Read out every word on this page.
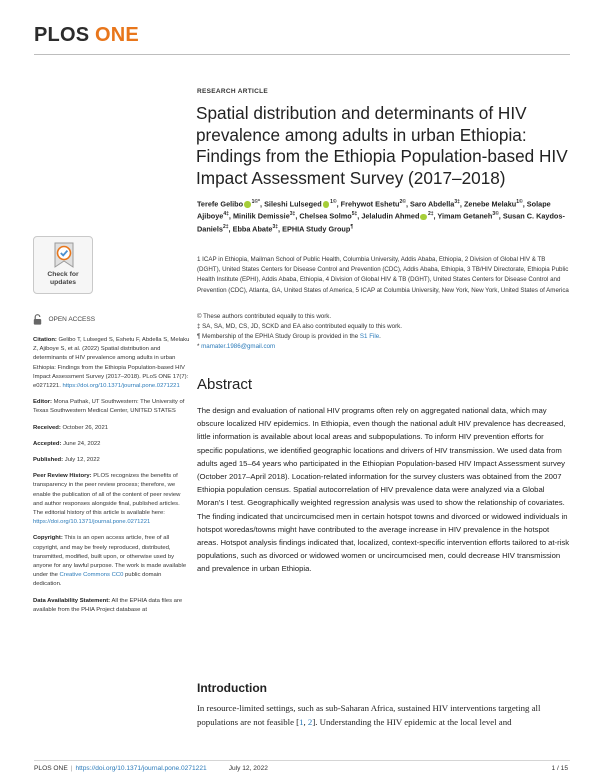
PLOS ONE
Check for updates
OPEN ACCESS
Citation: Gelibo T, Lulseged S, Eshetu F, Abdella S, Melaku Z, Ajiboye S, et al. (2022) Spatial distribution and determinants of HIV prevalence among adults in urban Ethiopia: Findings from the Ethiopia Population-based HIV Impact Assessment Survey (2017–2018). PLoS ONE 17(7): e0271221. https://doi.org/10.1371/journal.pone.0271221
Editor: Mona Pathak, UT Southwestern: The University of Texas Southwestern Medical Center, UNITED STATES
Received: October 26, 2021
Accepted: June 24, 2022
Published: July 12, 2022
Peer Review History: PLOS recognizes the benefits of transparency in the peer review process; therefore, we enable the publication of all of the content of peer review and author responses alongside final, published articles. The editorial history of this article is available here: https://doi.org/10.1371/journal.pone.0271221
Copyright: This is an open access article, free of all copyright, and may be freely reproduced, distributed, transmitted, modified, built upon, or otherwise used by anyone for any lawful purpose. The work is made available under the Creative Commons CC0 public domain dedication.
Data Availability Statement: All the EPHIA data files are available from the PHIA Project database at
RESEARCH ARTICLE
Spatial distribution and determinants of HIV prevalence among adults in urban Ethiopia: Findings from the Ethiopia Population-based HIV Impact Assessment Survey (2017–2018)
Terefe Gelibo $^{1©*}$, Sileshi Lulseged $^{1©}$, Frehywot Eshetu$^{2©}$, Saro Abdella$^{3\ddagger}$, Zenebe Melaku$^{1©}$, Solape Ajiboye$^{4\ddagger}$, Minilik Demissie$^{3\ddagger}$, Chelsea Solmo$^{5\ddagger}$, Jelaludin Ahmed $^{2\ddagger}$, Yimam Getaneh$^{3©}$, Susan C. Kaydos-Daniels$^{2\ddagger}$, Ebba Abate$^{3\ddagger}$, EPHIA Study Group¶
1 ICAP in Ethiopia, Mailman School of Public Health, Columbia University, Addis Ababa, Ethiopia, 2 Division of Global HIV & TB (DGHT), United States Centers for Disease Control and Prevention (CDC), Addis Ababa, Ethiopia, 3 TB/HIV Directorate, Ethiopia Public Health Institute (EPHI), Addis Ababa, Ethiopia, 4 Division of Global HIV & TB (DGHT), United States Centers for Disease Control and Prevention (CDC), Atlanta, GA, United States of America, 5 ICAP at Columbia University, New York, New York, United States of America
© These authors contributed equally to this work.
‡ SA, SA, MD, CS, JD, SCKD and EA also contributed equally to this work.
¶ Membership of the EPHIA Study Group is provided in the S1 File.
* mamater.1986@gmail.com
Abstract
The design and evaluation of national HIV programs often rely on aggregated national data, which may obscure localized HIV epidemics. In Ethiopia, even though the national adult HIV prevalence has decreased, little information is available about local areas and subpopulations. To inform HIV prevention efforts for specific populations, we identified geographic locations and drivers of HIV transmission. We used data from adults aged 15–64 years who participated in the Ethiopian Population-based HIV Impact Assessment survey (October 2017–April 2018). Location-related information for the survey clusters was obtained from the 2007 Ethiopia population census. Spatial autocorrelation of HIV prevalence data were analyzed via a Global Moran’s I test. Geographically weighted regression analysis was used to show the relationship of covariates. The finding indicated that uncircumcised men in certain hotspot towns and divorced or widowed individuals in hotspot woredas/towns might have contributed to the average increase in HIV prevalence in the hotspot areas. Hotspot analysis findings indicated that, localized, context-specific intervention efforts tailored to at-risk populations, such as divorced or widowed women or uncircumcised men, could decrease HIV transmission and prevalence in urban Ethiopia.
Introduction
In resource-limited settings, such as sub-Saharan Africa, sustained HIV interventions targeting all populations are not feasible [1, 2]. Understanding the HIV epidemic at the local level and
PLOS ONE | https://doi.org/10.1371/journal.pone.0271221	July 12, 2022	1 / 15
